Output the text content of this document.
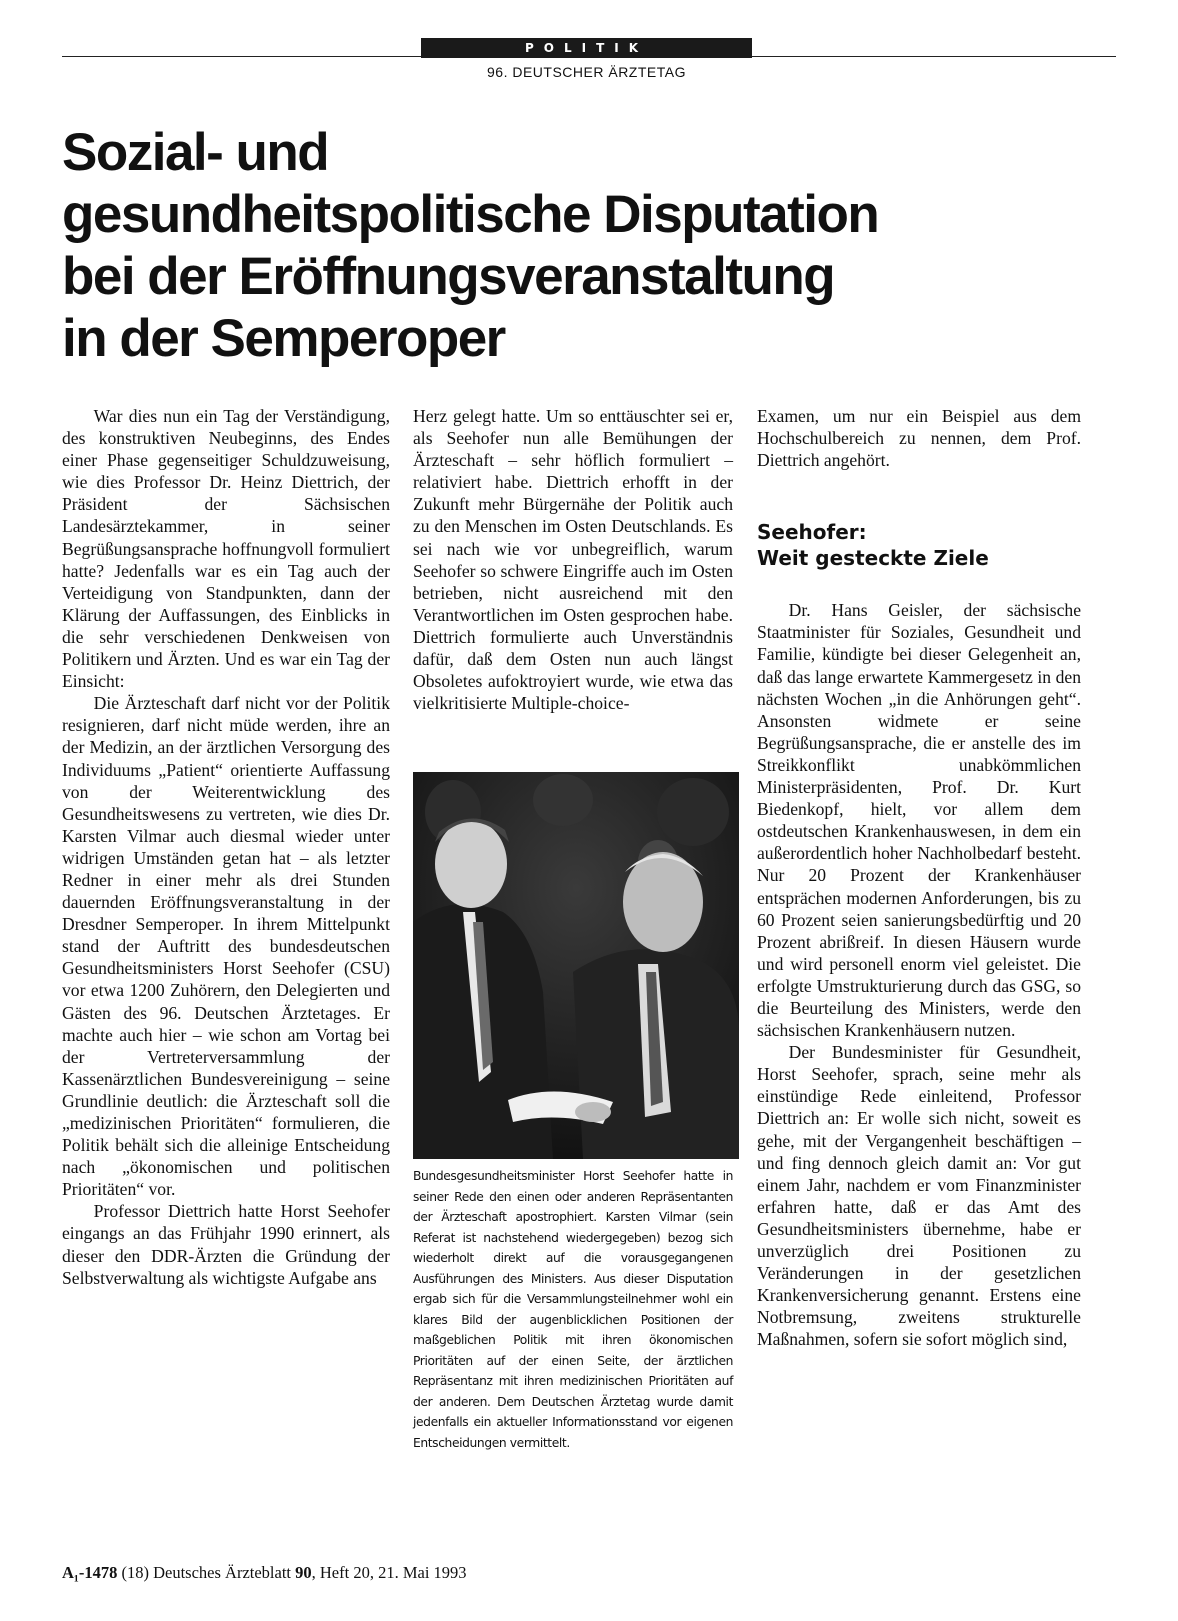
POLITIK
96. DEUTSCHER ÄRZTETAG
Sozial- und
gesundheitspolitische Disputation
bei der Eröffnungsveranstaltung
in der Semperoper

War dies nun ein Tag der Verständigung, des konstruktiven Neubeginns, des Endes einer Phase gegenseitiger Schuldzuweisung, wie dies Professor Dr. Heinz Diettrich, der Präsident der Sächsischen Landesärztekammer, in seiner Begrüßungsansprache hoffnungvoll formuliert hatte? Jedenfalls war es ein Tag auch der Verteidigung von Standpunkten, dann der Klärung der Auffassungen, des Einblicks in die sehr verschiedenen Denkweisen von Politikern und Ärzten. Und es war ein Tag der Einsicht:

Die Ärzteschaft darf nicht vor der Politik resignieren, darf nicht müde werden, ihre an der Medizin, an der ärztlichen Versorgung des Individuums „Patient“ orientierte Auffassung von der Weiterentwicklung des Gesundheitswesens zu vertreten, wie dies Dr. Karsten Vilmar auch diesmal wieder unter widrigen Umständen getan hat – als letzter Redner in einer mehr als drei Stunden dauernden Eröffnungsveranstaltung in der Dresdner Semperoper. In ihrem Mittelpunkt stand der Auftritt des bundesdeutschen Gesundheitsministers Horst Seehofer (CSU) vor etwa 1200 Zuhörern, den Delegierten und Gästen des 96. Deutschen Ärztetages. Er machte auch hier – wie schon am Vortag bei der Vertreterversammlung der Kassenärztlichen Bundesvereinigung – seine Grundlinie deutlich: die Ärzteschaft soll die „medizinischen Prioritäten“ formulieren, die Politik behält sich die alleinige Entscheidung nach „ökonomischen und politischen Prioritäten“ vor.

Professor Diettrich hatte Horst Seehofer eingangs an das Frühjahr 1990 erinnert, als dieser den DDR-Ärzten die Gründung der Selbstverwaltung als wichtigste Aufgabe ans

Herz gelegt hatte. Um so enttäuschter sei er, als Seehofer nun alle Bemühungen der Ärzteschaft – sehr höflich formuliert – relativiert habe. Diettrich erhofft in der Zukunft mehr Bürgernähe der Politik auch zu den Menschen im Osten Deutschlands. Es sei nach wie vor unbegreiflich, warum Seehofer so schwere Eingriffe auch im Osten betrieben, nicht ausreichend mit den Verantwortlichen im Osten gesprochen habe. Diettrich formulierte auch Unverständnis dafür, daß dem Osten nun auch längst Obsoletes aufoktroyiert wurde, wie etwa das vielkritisierte Multiple-choice-

Bundesgesundheitsminister Horst Seehofer hatte in seiner Rede den einen oder anderen Repräsentanten der Ärzteschaft apostrophiert. Karsten Vilmar (sein Referat ist nachstehend wiedergegeben) bezog sich wiederholt direkt auf die vorausgegangenen Ausführungen des Ministers. Aus dieser Disputation ergab sich für die Versammlungsteilnehmer wohl ein klares Bild der augenblicklichen Positionen der maßgeblichen Politik mit ihren ökonomischen Prioritäten auf der einen Seite, der ärztlichen Repräsentanz mit ihren medizinischen Prioritäten auf der anderen. Dem Deutschen Ärztetag wurde damit jedenfalls ein aktueller Informationsstand vor eigenen Entscheidungen vermittelt.

Examen, um nur ein Beispiel aus dem Hochschulbereich zu nennen, dem Prof. Diettrich angehört.

Seehofer:
Weit gesteckte Ziele

Dr. Hans Geisler, der sächsische Staatminister für Soziales, Gesundheit und Familie, kündigte bei dieser Gelegenheit an, daß das lange erwartete Kammergesetz in den nächsten Wochen „in die Anhörungen geht“. Ansonsten widmete er seine Begrüßungsansprache, die er anstelle des im Streikkonflikt unabkömmlichen Ministerpräsidenten, Prof. Dr. Kurt Biedenkopf, hielt, vor allem dem ostdeutschen Krankenhauswesen, in dem ein außerordentlich hoher Nachholbedarf besteht. Nur 20 Prozent der Krankenhäuser entsprächen modernen Anforderungen, bis zu 60 Prozent seien sanierungsbedürftig und 20 Prozent abrißreif. In diesen Häusern wurde und wird personell enorm viel geleistet. Die erfolgte Umstrukturierung durch das GSG, so die Beurteilung des Ministers, werde den sächsischen Krankenhäusern nutzen.

Der Bundesminister für Gesundheit, Horst Seehofer, sprach, seine mehr als einstündige Rede einleitend, Professor Diettrich an: Er wolle sich nicht, soweit es gehe, mit der Vergangenheit beschäftigen – und fing dennoch gleich damit an: Vor gut einem Jahr, nachdem er vom Finanzminister erfahren hatte, daß er das Amt des Gesundheitsministers übernehme, habe er unverzüglich drei Positionen zu Veränderungen in der gesetzlichen Krankenversicherung genannt. Erstens eine Notbremsung, zweitens strukturelle Maßnahmen, sofern sie sofort möglich sind,

A₁-1478 (18) Deutsches Ärzteblatt 90, Heft 20, 21. Mai 1993
